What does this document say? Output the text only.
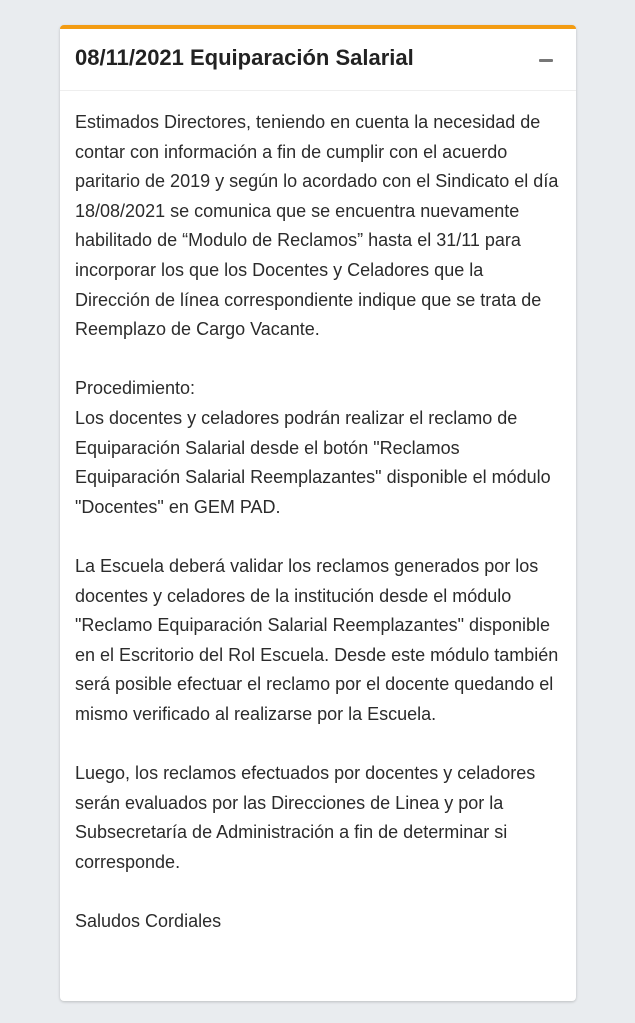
08/11/2021 Equiparación Salarial

Estimados Directores, teniendo en cuenta la necesidad de contar con información a fin de cumplir con el acuerdo paritario de 2019 y según lo acordado con el Sindicato el día 18/08/2021 se comunica que se encuentra nuevamente habilitado de “Modulo de Reclamos” hasta el 31/11 para incorporar los que los Docentes y Celadores que la Dirección de línea correspondiente indique que se trata de Reemplazo de Cargo Vacante.

Procedimiento:
Los docentes y celadores podrán realizar el reclamo de Equiparación Salarial desde el botón "Reclamos Equiparación Salarial Reemplazantes" disponible el módulo "Docentes" en GEM PAD.

La Escuela deberá validar los reclamos generados por los docentes y celadores de la institución desde el módulo "Reclamo Equiparación Salarial Reemplazantes" disponible en el Escritorio del Rol Escuela. Desde este módulo también será posible efectuar el reclamo por el docente quedando el mismo verificado al realizarse por la Escuela.

Luego, los reclamos efectuados por docentes y celadores serán evaluados por las Direcciones de Linea y por la Subsecretaría de Administración a fin de determinar si corresponde.

Saludos Cordiales
